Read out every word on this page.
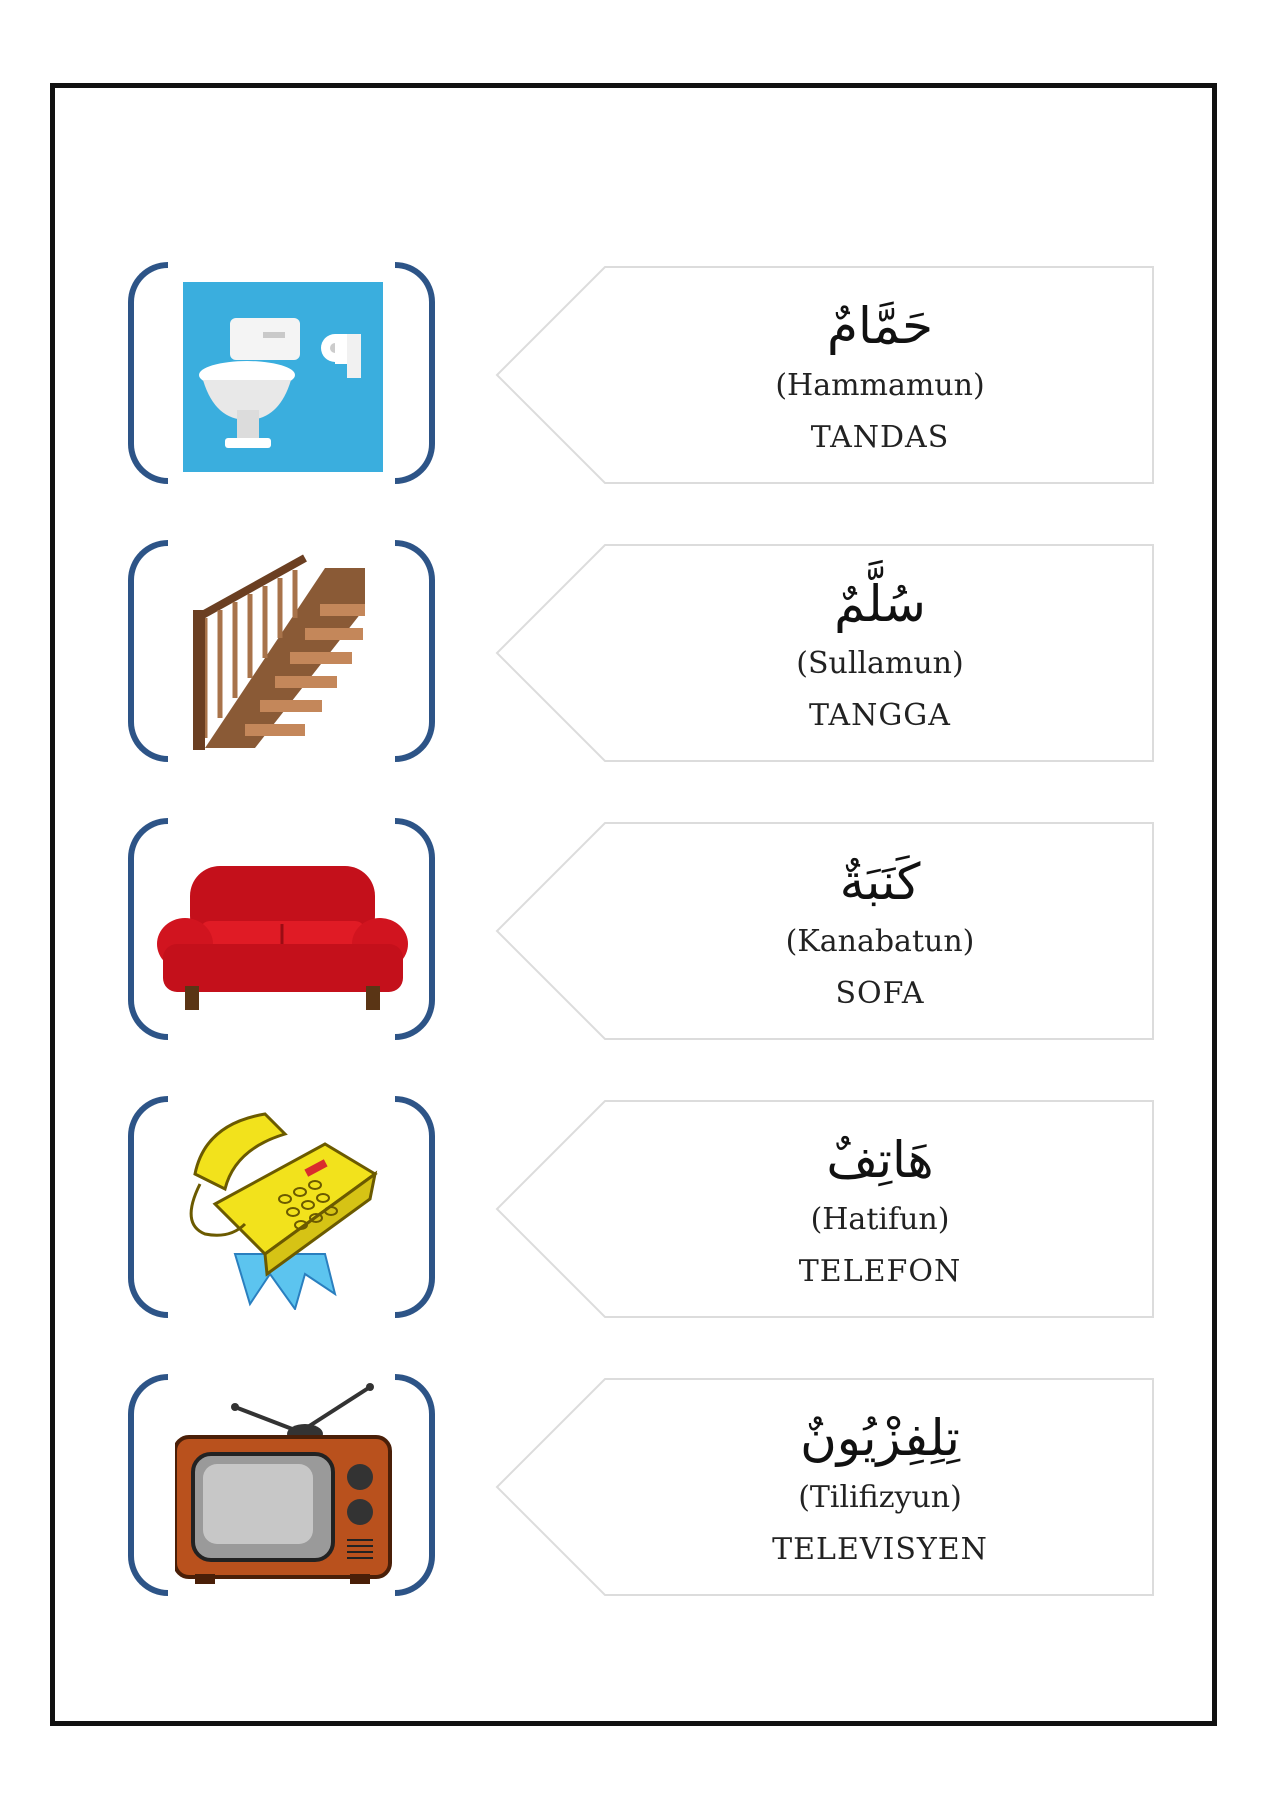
حَمَّامٌ
(Hammamun)
TANDAS
سُلَّمٌ
(Sullamun)
TANGGA
كَنَبَةٌ
(Kanabatun)
SOFA
هَاتِفٌ
(Hatifun)
TELEFON
تِلِفِزْيُونٌ
(Tilifizyun)
TELEVISYEN
